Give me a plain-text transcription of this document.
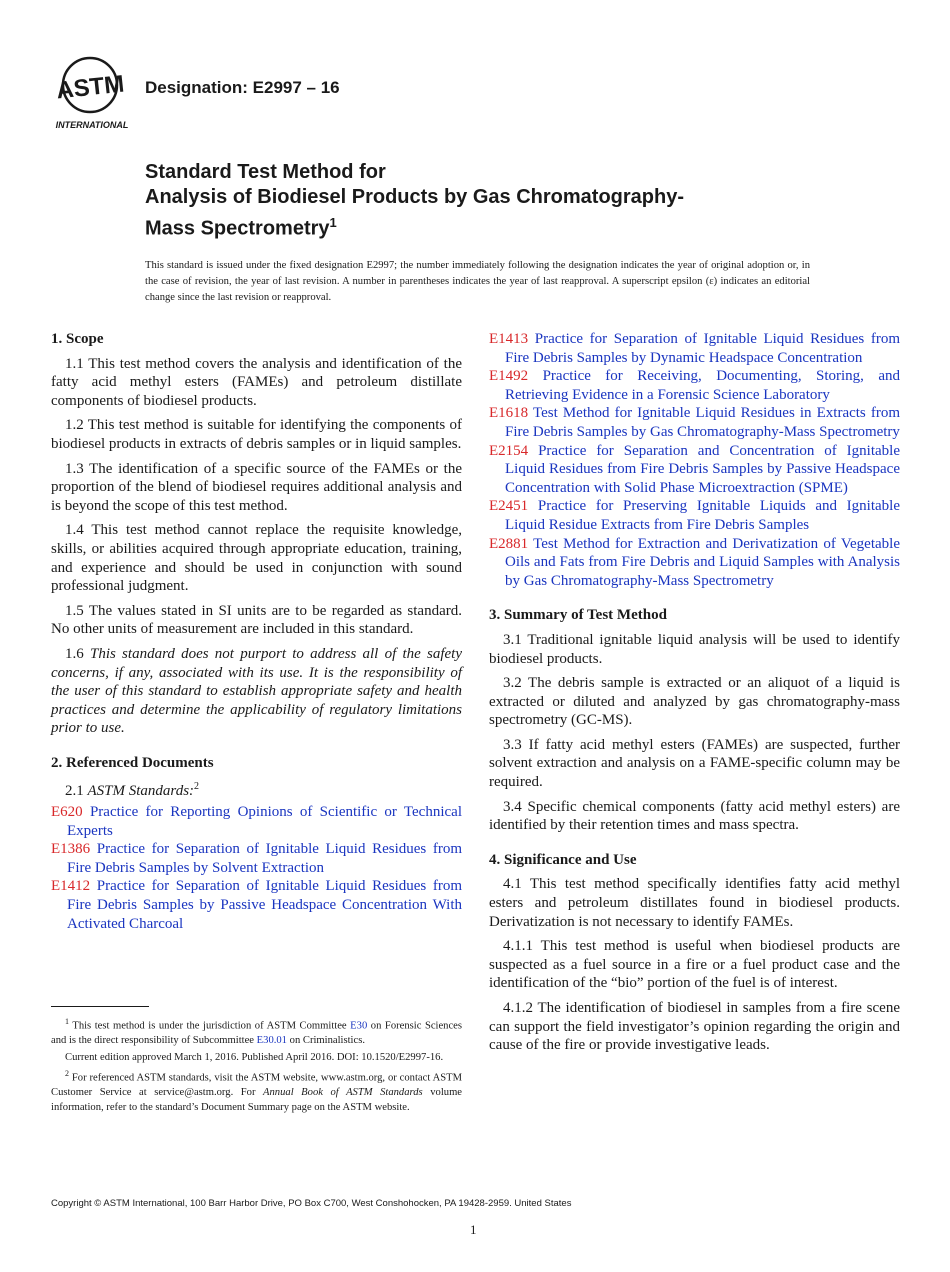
ASTM
INTERNATIONAL
Designation: E2997 – 16
Standard Test Method for
Analysis of Biodiesel Products by Gas Chromatography-
Mass Spectrometry$^1$
This standard is issued under the fixed designation E2997; the number immediately following the designation indicates the year of original adoption or, in the case of revision, the year of last revision. A number in parentheses indicates the year of last reapproval. A superscript epsilon (ε) indicates an editorial change since the last revision or reapproval.
1. Scope

1.1 This test method covers the analysis and identification of the fatty acid methyl esters (FAMEs) and petroleum distillate components of biodiesel products.

1.2 This test method is suitable for identifying the components of biodiesel products in extracts of debris samples or in liquid samples.

1.3 The identification of a specific source of the FAMEs or the proportion of the blend of biodiesel requires additional analysis and is beyond the scope of this test method.

1.4 This test method cannot replace the requisite knowledge, skills, or abilities acquired through appropriate education, training, and experience and should be used in conjunction with sound professional judgment.

1.5 The values stated in SI units are to be regarded as standard. No other units of measurement are included in this standard.

1.6 This standard does not purport to address all of the safety concerns, if any, associated with its use. It is the responsibility of the user of this standard to establish appropriate safety and health practices and determine the applicability of regulatory limitations prior to use.

2. Referenced Documents

2.1 ASTM Standards:$^2$

E620 Practice for Reporting Opinions of Scientific or Technical Experts

E1386 Practice for Separation of Ignitable Liquid Residues from Fire Debris Samples by Solvent Extraction

E1412 Practice for Separation of Ignitable Liquid Residues from Fire Debris Samples by Passive Headspace Concentration With Activated Charcoal

E1413 Practice for Separation of Ignitable Liquid Residues from Fire Debris Samples by Dynamic Headspace Concentration

E1492 Practice for Receiving, Documenting, Storing, and Retrieving Evidence in a Forensic Science Laboratory

E1618 Test Method for Ignitable Liquid Residues in Extracts from Fire Debris Samples by Gas Chromatography-Mass Spectrometry

E2154 Practice for Separation and Concentration of Ignitable Liquid Residues from Fire Debris Samples by Passive Headspace Concentration with Solid Phase Microextraction (SPME)

E2451 Practice for Preserving Ignitable Liquids and Ignitable Liquid Residue Extracts from Fire Debris Samples

E2881 Test Method for Extraction and Derivatization of Vegetable Oils and Fats from Fire Debris and Liquid Samples with Analysis by Gas Chromatography-Mass Spectrometry

3. Summary of Test Method

3.1 Traditional ignitable liquid analysis will be used to identify biodiesel products.

3.2 The debris sample is extracted or an aliquot of a liquid is extracted or diluted and analyzed by gas chromatography-mass spectrometry (GC-MS).

3.3 If fatty acid methyl esters (FAMEs) are suspected, further solvent extraction and analysis on a FAME-specific column may be required.

3.4 Specific chemical components (fatty acid methyl esters) are identified by their retention times and mass spectra.

4. Significance and Use

4.1 This test method specifically identifies fatty acid methyl esters and petroleum distillates found in biodiesel products. Derivatization is not necessary to identify FAMEs.

4.1.1 This test method is useful when biodiesel products are suspected as a fuel source in a fire or a fuel product case and the identification of the “bio” portion of the fuel is of interest.

4.1.2 The identification of biodiesel in samples from a fire scene can support the field investigator’s opinion regarding the origin and cause of the fire or provide investigative leads.

$^1$ This test method is under the jurisdiction of ASTM Committee E30 on Forensic Sciences and is the direct responsibility of Subcommittee E30.01 on Criminalistics.

Current edition approved March 1, 2016. Published April 2016. DOI: 10.1520/E2997-16.

$^2$ For referenced ASTM standards, visit the ASTM website, www.astm.org, or contact ASTM Customer Service at service@astm.org. For Annual Book of ASTM Standards volume information, refer to the standard’s Document Summary page on the ASTM website.

Copyright © ASTM International, 100 Barr Harbor Drive, PO Box C700, West Conshohocken, PA 19428-2959. United States
1
